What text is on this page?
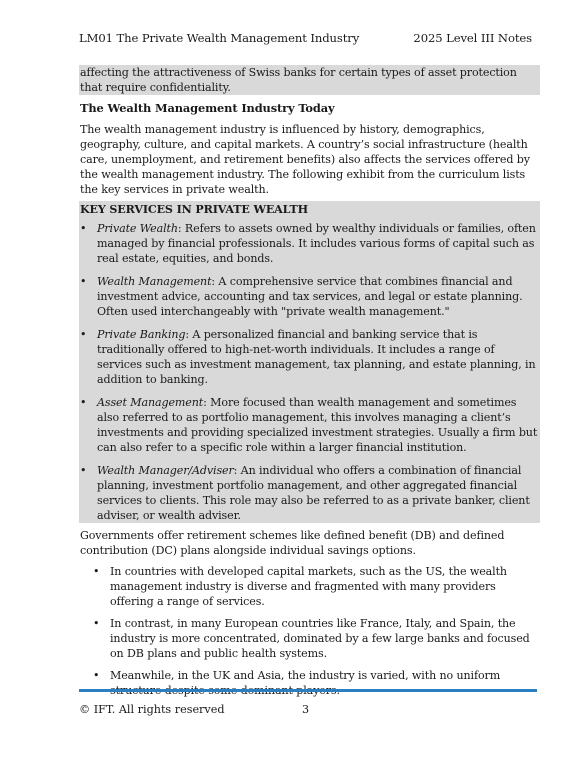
LM01 The Private Wealth Management Industry	2025 Level III Notes
affecting the attractiveness of Swiss banks for certain types of asset protection that require confidentiality.
The Wealth Management Industry Today

The wealth management industry is influenced by history, demographics, geography, culture, and capital markets. A country’s social infrastructure (health care, unemployment, and retirement benefits) also affects the services offered by the wealth management industry. The following exhibit from the curriculum lists the key services in private wealth.

KEY SERVICES IN PRIVATE WEALTH
• Private Wealth: Refers to assets owned by wealthy individuals or families, often managed by financial professionals. It includes various forms of capital such as real estate, equities, and bonds.
• Wealth Management: A comprehensive service that combines financial and investment advice, accounting and tax services, and legal or estate planning. Often used interchangeably with "private wealth management."
• Private Banking: A personalized financial and banking service that is traditionally offered to high-net-worth individuals. It includes a range of services such as investment management, tax planning, and estate planning, in addition to banking.
• Asset Management: More focused than wealth management and sometimes also referred to as portfolio management, this involves managing a client’s investments and providing specialized investment strategies. Usually a firm but can also refer to a specific role within a larger financial institution.
• Wealth Manager/Adviser: An individual who offers a combination of financial planning, investment portfolio management, and other aggregated financial services to clients. This role may also be referred to as a private banker, client adviser, or wealth adviser.

Governments offer retirement schemes like defined benefit (DB) and defined contribution (DC) plans alongside individual savings options.

• In countries with developed capital markets, such as the US, the wealth management industry is diverse and fragmented with many providers offering a range of services.
• In contrast, in many European countries like France, Italy, and Spain, the industry is more concentrated, dominated by a few large banks and focused on DB plans and public health systems.
• Meanwhile, in the UK and Asia, the industry is varied, with no uniform
© IFT. All rights reserved	3
